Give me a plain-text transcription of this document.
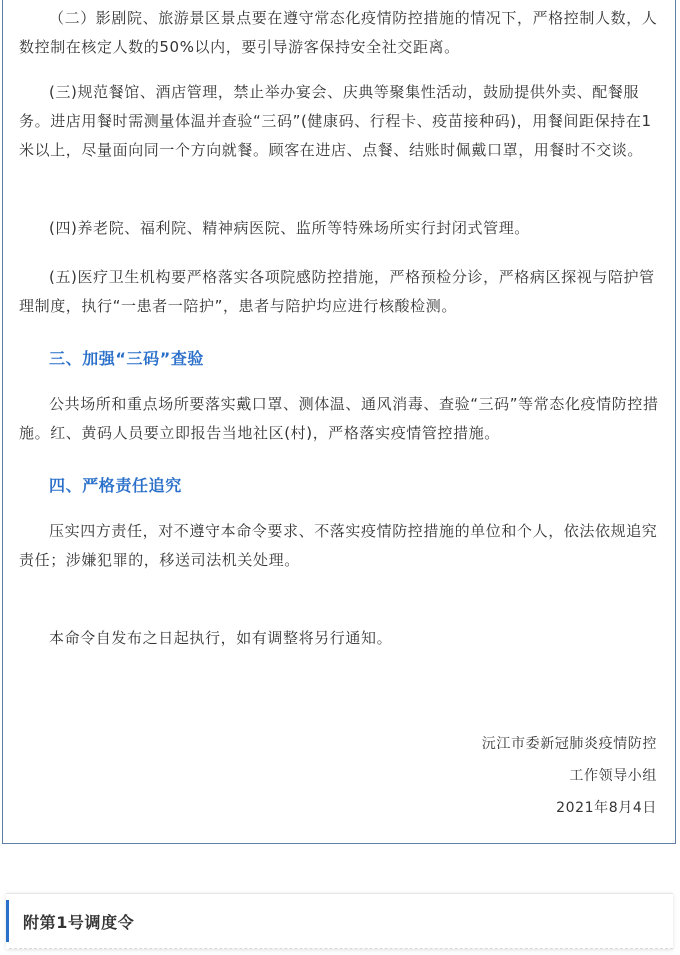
（二）影剧院、旅游景区景点要在遵守常态化疫情防控措施的情况下，严格控制人数，人数控制在核定人数的50%以内，要引导游客保持安全社交距离。

(三)规范餐馆、酒店管理，禁止举办宴会、庆典等聚集性活动，鼓励提供外卖、配餐服务。进店用餐时需测量体温并查验“三码”(健康码、行程卡、疫苗接种码)，用餐间距保持在1米以上，尽量面向同一个方向就餐。顾客在进店、点餐、结账时佩戴口罩，用餐时不交谈。

(四)养老院、福利院、精神病医院、监所等特殊场所实行封闭式管理。

(五)医疗卫生机构要严格落实各项院感防控措施，严格预检分诊，严格病区探视与陪护管理制度，执行“一患者一陪护”，患者与陪护均应进行核酸检测。

三、加强“三码”查验

公共场所和重点场所要落实戴口罩、测体温、通风消毒、查验“三码”等常态化疫情防控措施。红、黄码人员要立即报告当地社区(村)，严格落实疫情管控措施。

四、严格责任追究

压实四方责任，对不遵守本命令要求、不落实疫情防控措施的单位和个人，依法依规追究责任；涉嫌犯罪的，移送司法机关处理。

本命令自发布之日起执行，如有调整将另行通知。

沅江市委新冠肺炎疫情防控

工作领导小组

2021年8月4日

附第1号调度令
